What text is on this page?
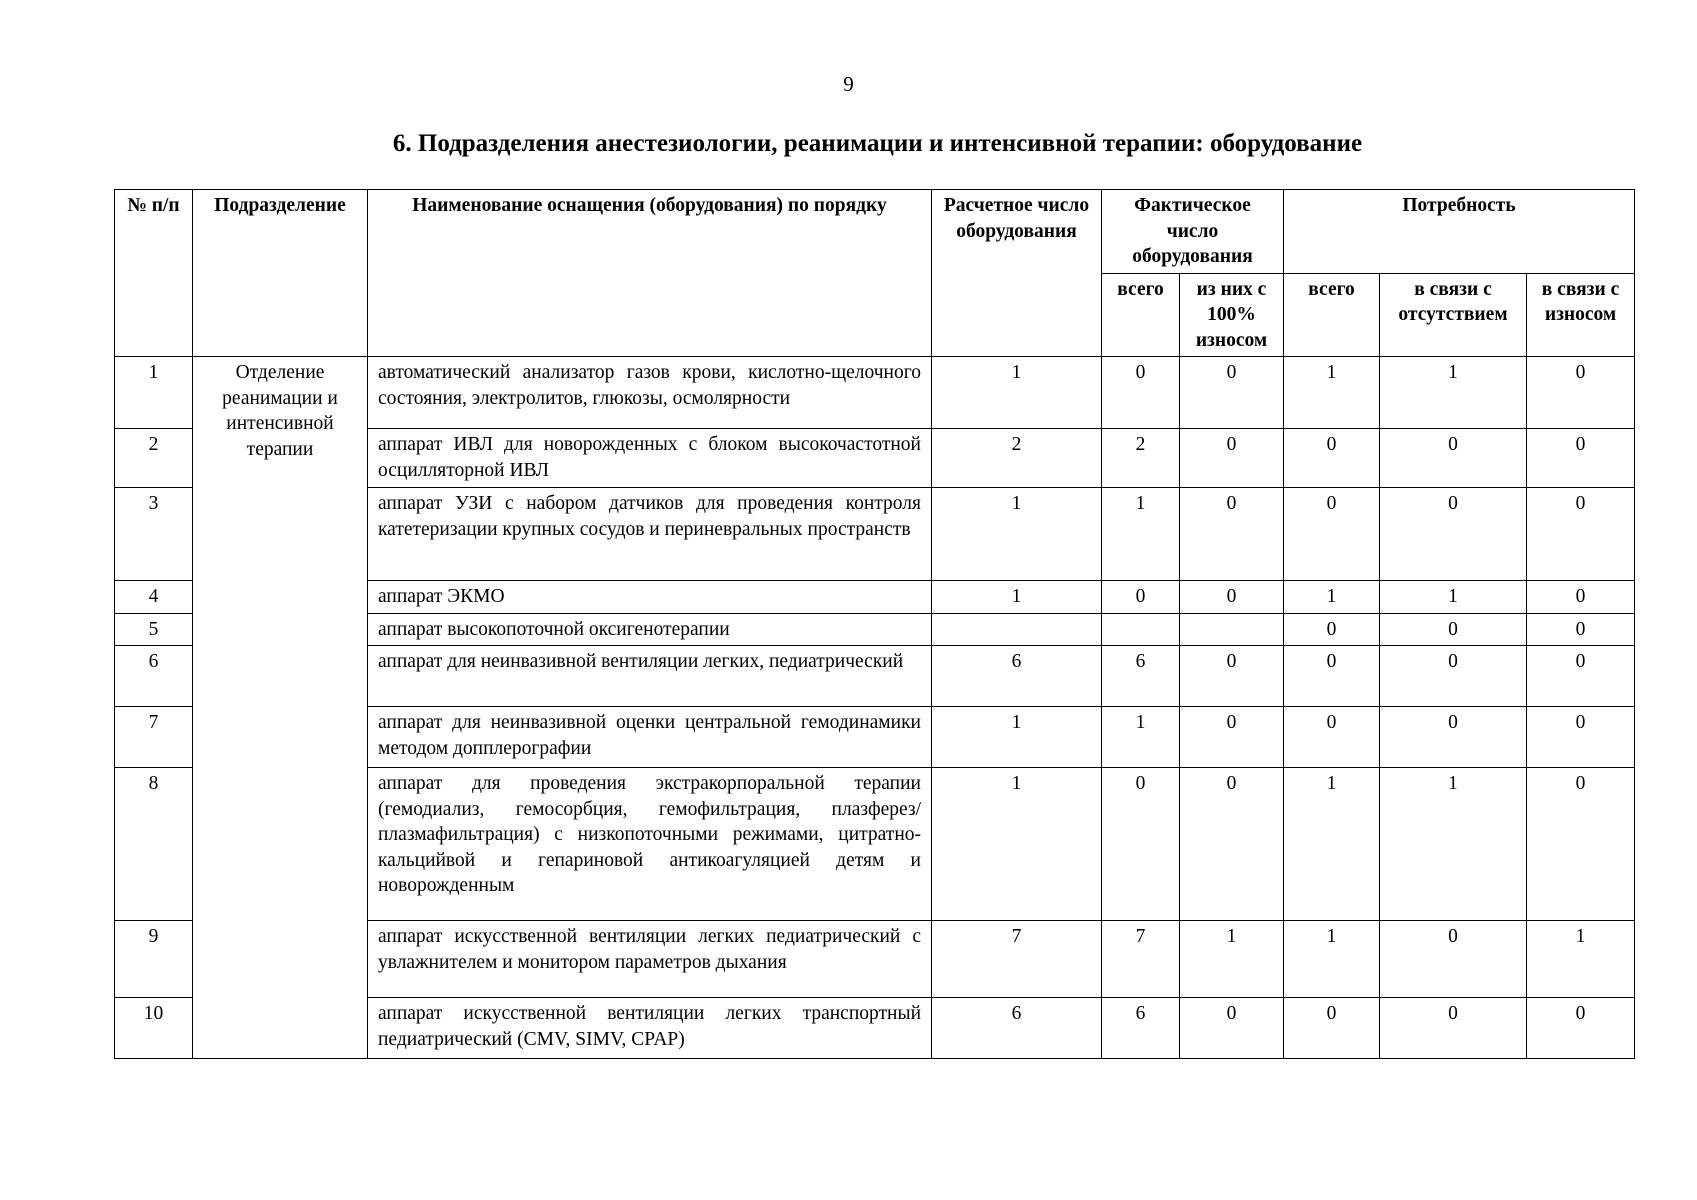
9
6. Подразделения анестезиологии, реанимации и интенсивной терапии: оборудование
№ п/п	Подразделение	Наименование оснащения (оборудования) по порядку	Расчетное число оборудования	Фактическое число оборудования		Потребность		
				всего	из них с 100% износом	всего	в связи с отсутствием	в связи с износом
1	Отделение реанимации и интенсивной терапии	автоматический анализатор газов крови, кислотно-щелочного состояния, электролитов, глюкозы, осмолярности	1	0	0	1	1	0
2		аппарат ИВЛ для новорожденных с блоком высокочастотной осцилляторной ИВЛ	2	2	0	0	0	0
3		аппарат УЗИ с набором датчиков для проведения контроля катетеризации крупных сосудов и периневральных пространств	1	1	0	0	0	0
4		аппарат ЭКМО	1	0	0	1	1	0
5		аппарат высокопоточной оксигенотерапии				0	0	0
6		аппарат для неинвазивной вентиляции легких, педиатрический	6	6	0	0	0	0
7		аппарат для неинвазивной оценки центральной гемодинамики методом допплерографии	1	1	0	0	0	0
8		аппарат для проведения экстракорпоральной терапии (гемодиализ, гемосорбция, гемофильтрация, плазферез/плазмафильтрация) с низкопоточными режимами, цитратно-кальцийвой и гепариновой антикоагуляцией детям и новорожденным	1	0	0	1	1	0
9		аппарат искусственной вентиляции легких педиатрический с увлажнителем и монитором параметров дыхания	7	7	1	1	0	1
10		аппарат искусственной вентиляции легких транспортный педиатрический (CMV, SIMV, CPAP)	6	6	0	0	0	0
